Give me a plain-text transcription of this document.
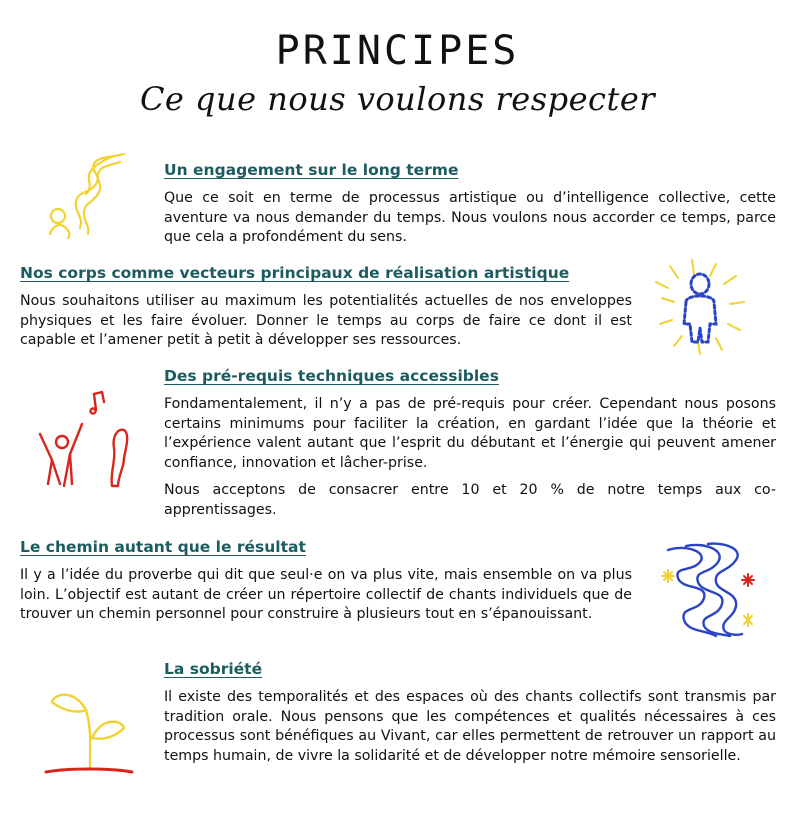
PRINCIPES
Ce que nous voulons respecter
Un engagement sur le long terme

Que ce soit en terme de processus artistique ou d’intelligence collective, cette aventure va nous demander du temps. Nous voulons nous accorder ce temps, parce que cela a profondément du sens.

Nos corps comme vecteurs principaux de réalisation artistique

Nous souhaitons utiliser au maximum les potentialités actuelles de nos enveloppes physiques et les faire évoluer. Donner le temps au corps de faire ce dont il est capable et l’amener petit à petit à développer ses ressources.

Des pré-requis techniques accessibles

Fondamentalement, il n’y a pas de pré-requis pour créer. Cependant nous posons certains minimums pour faciliter la création, en gardant l’idée que la théorie et l’expérience valent autant que l’esprit du débutant et l’énergie qui peuvent amener confiance, innovation et lâcher-prise.

Nous acceptons de consacrer entre 10 et 20 % de notre temps aux co-apprentissages.

Le chemin autant que le résultat

Il y a l’idée du proverbe qui dit que seul·e on va plus vite, mais ensemble on va plus loin. L’objectif est autant de créer un répertoire collectif de chants individuels que de trouver un chemin personnel pour construire à plusieurs tout en s’épanouissant.

La sobriété

Il existe des temporalités et des espaces où des chants collectifs sont transmis par tradition orale. Nous pensons que les compétences et qualités nécessaires à ces processus sont bénéfiques au Vivant, car elles permettent de retrouver un rapport au temps humain, de vivre la solidarité et de développer notre mémoire sensorielle.
